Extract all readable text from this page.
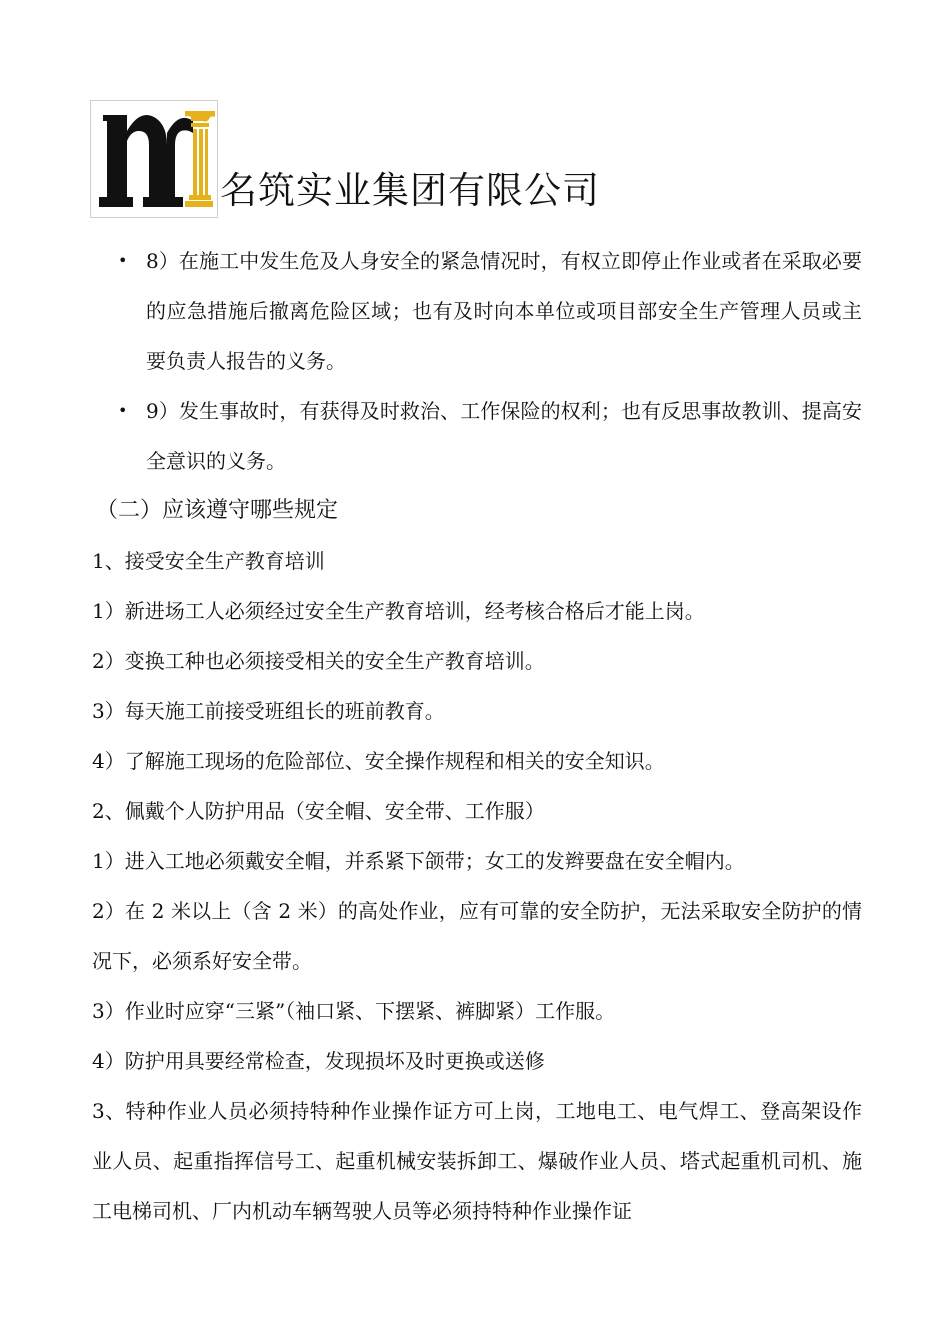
名筑实业集团有限公司
• 8）在施工中发生危及人身安全的紧急情况时，有权立即停止作业或者在采取必要的应急措施后撤离危险区域；也有及时向本单位或项目部安全生产管理人员或主要负责人报告的义务。
• 9）发生事故时，有获得及时救治、工作保险的权利；也有反思事故教训、提高安全意识的义务。
（二）应该遵守哪些规定
1、接受安全生产教育培训
1）新进场工人必须经过安全生产教育培训，经考核合格后才能上岗。
2）变换工种也必须接受相关的安全生产教育培训。
3）每天施工前接受班组长的班前教育。
4）了解施工现场的危险部位、安全操作规程和相关的安全知识。
2、佩戴个人防护用品（安全帽、安全带、工作服）
1）进入工地必须戴安全帽，并系紧下颌带；女工的发辫要盘在安全帽内。
2）在 2 米以上（含 2 米）的高处作业，应有可靠的安全防护，无法采取安全防护的情况下，必须系好安全带。
3）作业时应穿“三紧”（袖口紧、下摆紧、裤脚紧）工作服。
4）防护用具要经常检查，发现损坏及时更换或送修
3、特种作业人员必须持特种作业操作证方可上岗，工地电工、电气焊工、登高架设作业人员、起重指挥信号工、起重机械安装拆卸工、爆破作业人员、塔式起重机司机、施工电梯司机、厂内机动车辆驾驶人员等必须持特种作业操作证
